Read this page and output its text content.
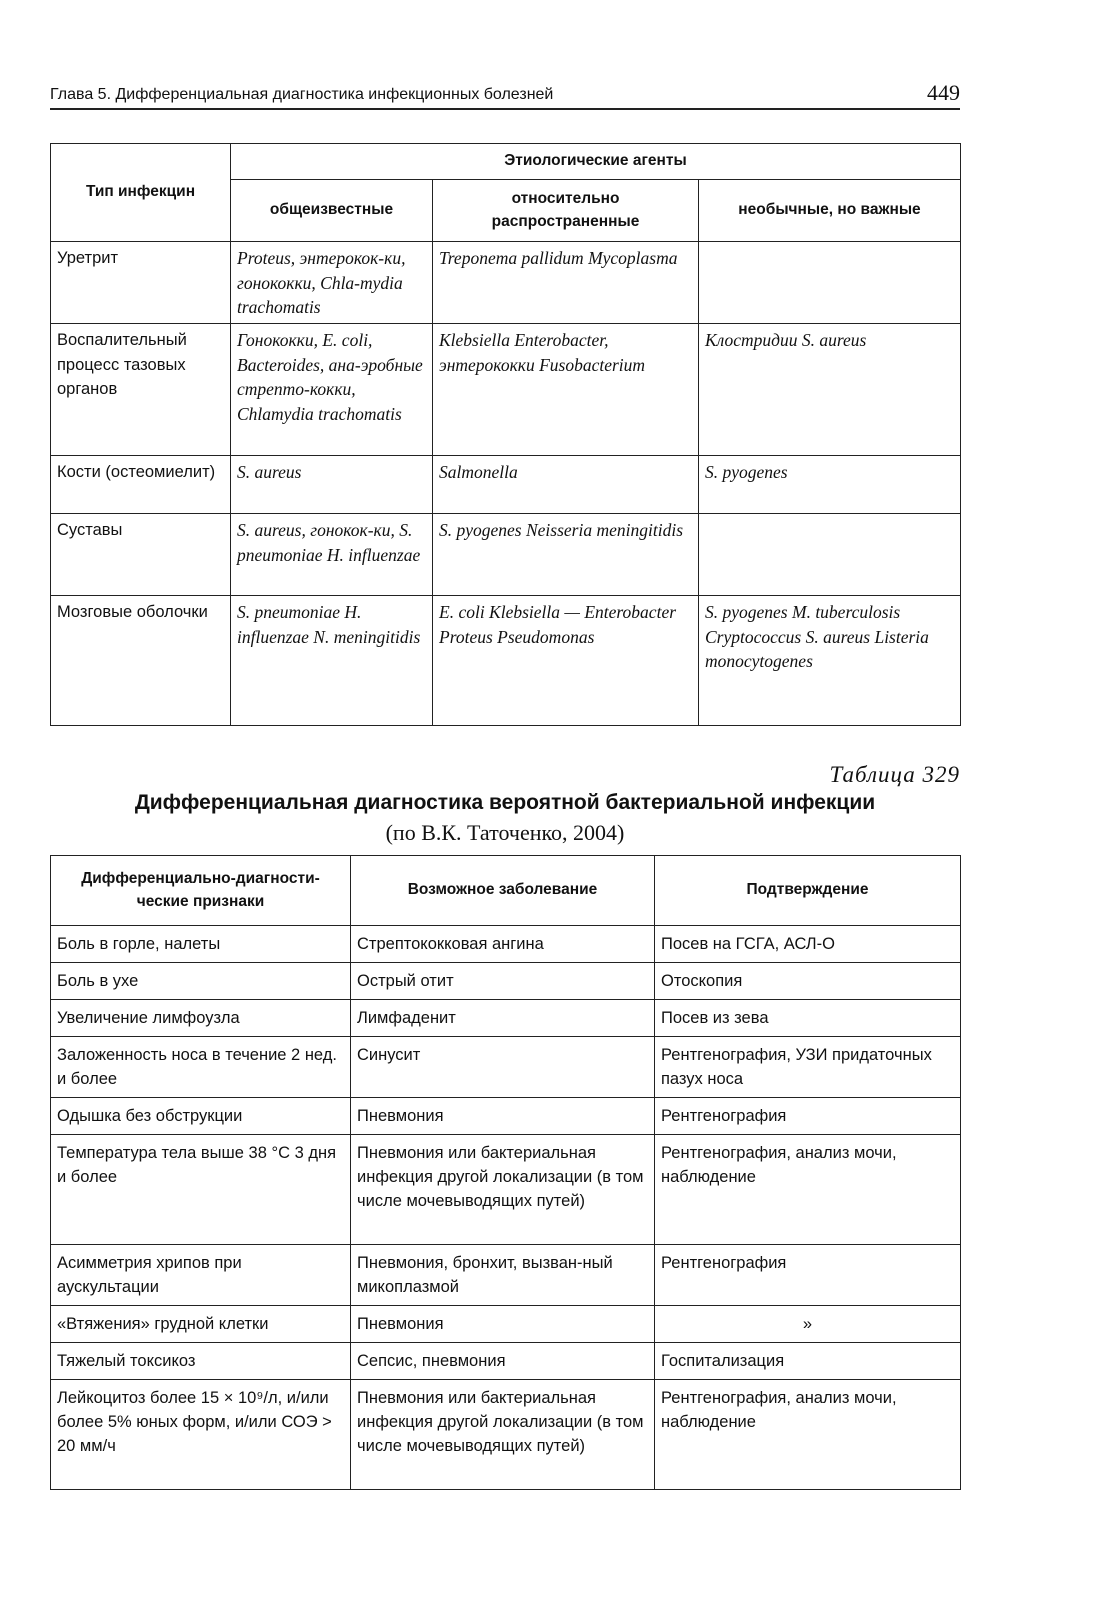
Глава 5. Дифференциальная диагностика инфекционных болезней	449
Тип инфекцин	Этиологические агенты		
	общеизвестные	относительно распространенные	необычные, но важные
Уретрит	Proteus, энтерокок-ки, гонококки, Chla-mydia trachomatis	Treponema pallidum Mycoplasma	
Воспалительный процесс тазовых органов	Гонококки, E. coli, Bacteroides, ана-эробные стрепто-кокки, Chlamydia trachomatis	Klebsiella Enterobacter, энтерококки Fusobacterium	Клостридии S. aureus
Кости (остеомиелит)	S. aureus	Salmonella	S. pyogenes
Суставы	S. aureus, гонокок-ки, S. pneumoniae H. influenzae	S. pyogenes Neisseria meningitidis	
Мозговые оболочки	S. pneumoniae H. influenzae N. meningitidis	E. coli Klebsiella — Enterobacter Proteus Pseudomonas	S. pyogenes M. tuberculosis Cryptococcus S. aureus Listeria monocytogenes
Таблица 329
Дифференциальная диагностика вероятной бактериальной инфекции
(по В.К. Таточенко, 2004)
Дифференциально-диагности-ческие признаки	Возможное заболевание	Подтверждение
Боль в горле, налеты	Стрептококковая ангина	Посев на ГСГА, АСЛ-О
Боль в ухе	Острый отит	Отоскопия
Увеличение лимфоузла	Лимфаденит	Посев из зева
Заложенность носа в течение 2 нед. и более	Синусит	Рентгенография, УЗИ придаточных пазух носа
Одышка без обструкции	Пневмония	Рентгенография
Температура тела выше 38 °С 3 дня и более	Пневмония или бактериальная инфекция другой локализации (в том числе мочевыводящих путей)	Рентгенография, анализ мочи, наблюдение
Асимметрия хрипов при аускультации	Пневмония, бронхит, вызван-ный микоплазмой	Рентгенография
«Втяжения» грудной клетки	Пневмония	»
Тяжелый токсикоз	Сепсис, пневмония	Госпитализация
Лейкоцитоз более 15 × 10⁹/л, и/или более 5% юных форм, и/или СОЭ > 20 мм/ч	Пневмония или бактериальная инфекция другой локализации (в том числе мочевыводящих путей)	Рентгенография, анализ мочи, наблюдение
